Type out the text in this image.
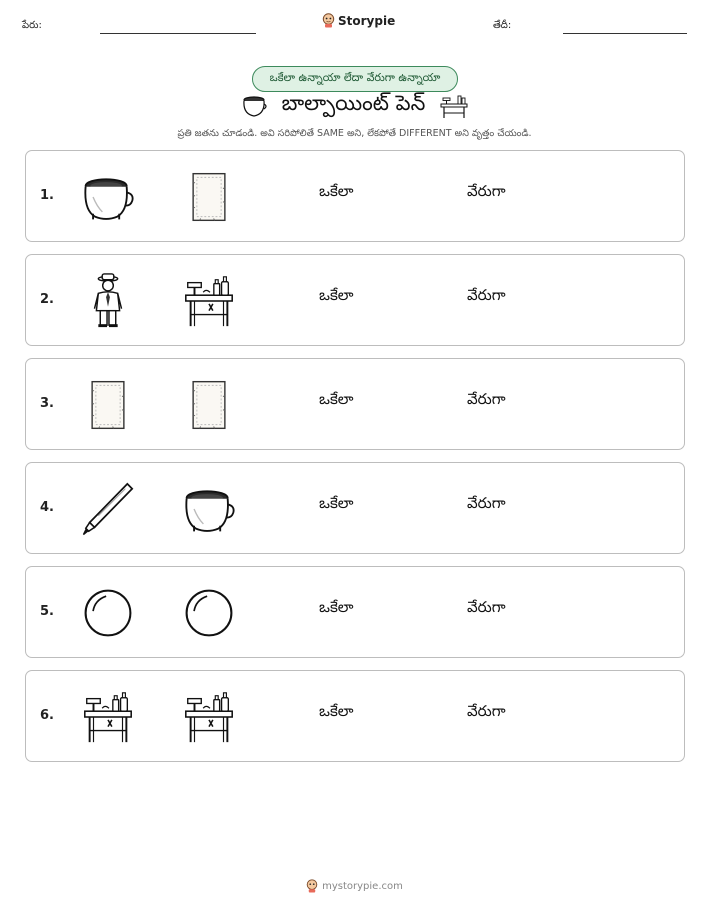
పేరు:	Storypie	తేదీ:
ఒకేలా ఉన్నాయా లేదా వేరుగా ఉన్నాయా
బాల్పాయింట్ పెన్
ప్రతి జతను చూడండి. అవి సరిపోలితే SAME అని, లేకపోతే DIFFERENT అని వృత్తం చేయండి.
1.	ఒకేలా	వేరుగా
2.	ఒకేలా	వేరుగా
3.	ఒకేలా	వేరుగా
4.	ఒకేలా	వేరుగా
5.	ఒకేలా	వేరుగా
6.	ఒకేలా	వేరుగా
mystorypie.com
